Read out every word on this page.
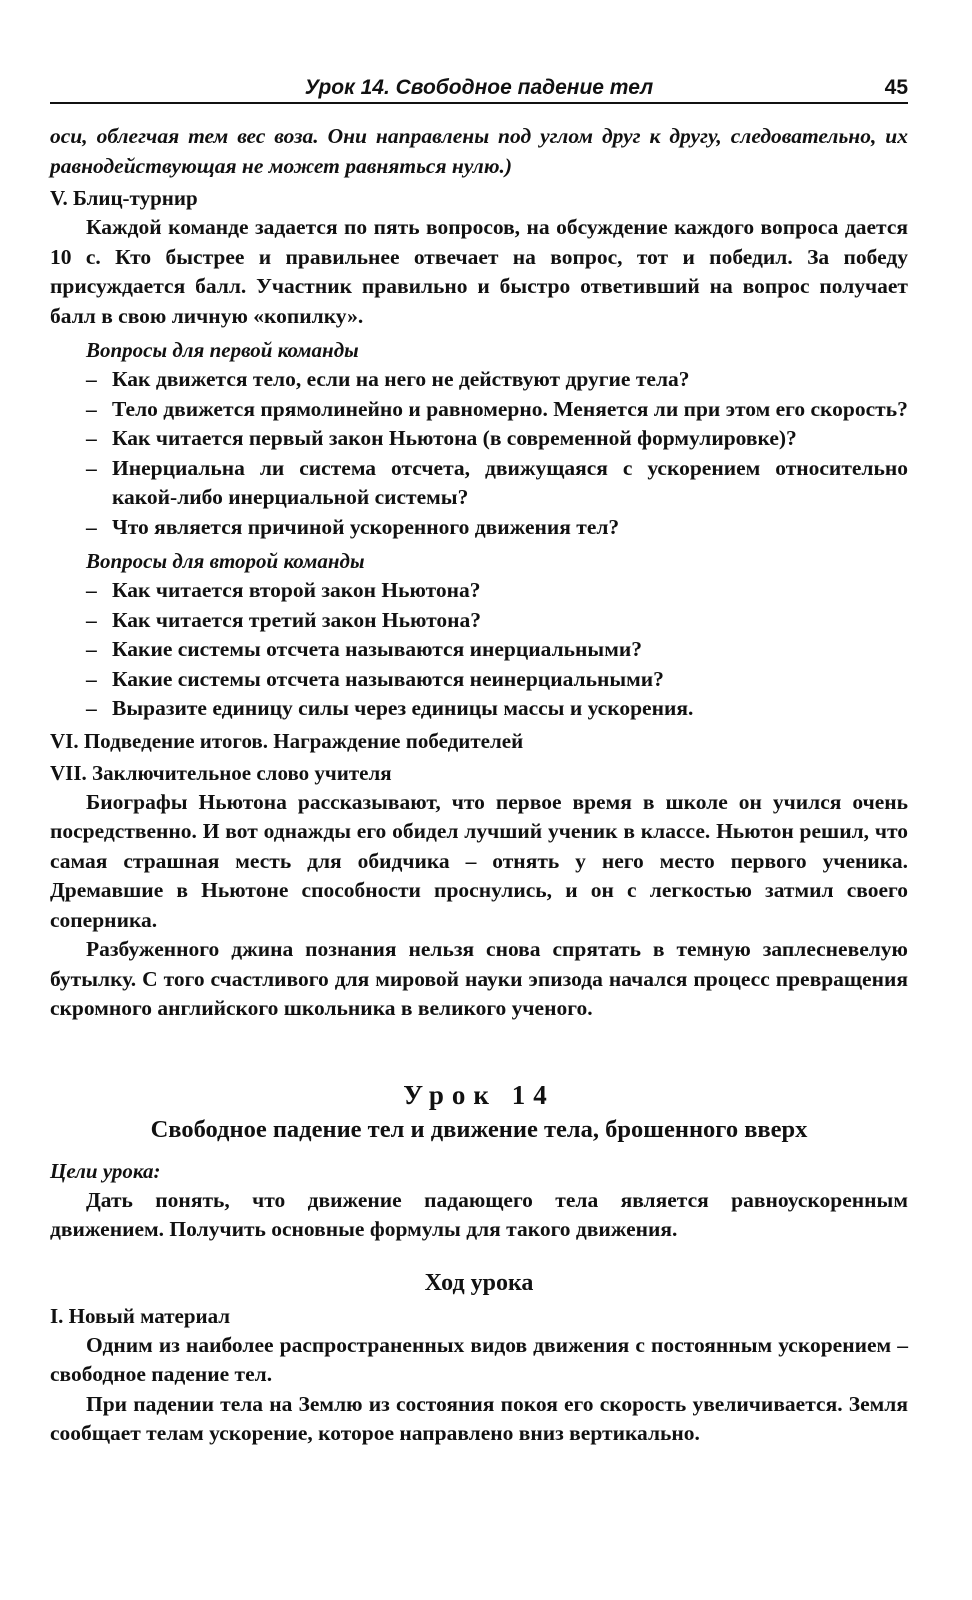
Урок 14. Свободное падение тел	45

оси, облегчая тем вес воза. Они направлены под углом друг к другу, следовательно, их равнодействующая не может равняться нулю.)

V. Блиц-турнир

Каждой команде задается по пять вопросов, на обсуждение каждого вопроса дается 10 с. Кто быстрее и правильнее отвечает на вопрос, тот и победил. За победу присуждается балл. Участник правильно и быстро ответивший на вопрос получает балл в свою личную «копилку».

Вопросы для первой команды
– Как движется тело, если на него не действуют другие тела?
– Тело движется прямолинейно и равномерно. Меняется ли при этом его скорость?
– Как читается первый закон Ньютона (в современной формулировке)?
– Инерциальна ли система отсчета, движущаяся с ускорением относительно какой-либо инерциальной системы?
– Что является причиной ускоренного движения тел?
Вопросы для второй команды
– Как читается второй закон Ньютона?
– Как читается третий закон Ньютона?
– Какие системы отсчета называются инерциальными?
– Какие системы отсчета называются неинерциальными?
– Выразите единицу силы через единицы массы и ускорения.
VI. Подведение итогов. Награждение победителей
VII. Заключительное слово учителя

Биографы Ньютона рассказывают, что первое время в школе он учился очень посредственно. И вот однажды его обидел лучший ученик в классе. Ньютон решил, что самая страшная месть для обидчика – отнять у него место первого ученика. Дремавшие в Ньютоне способности проснулись, и он с легкостью затмил своего соперника.

Разбуженного джина познания нельзя снова спрятать в темную заплесневелую бутылку. С того счастливого для мировой науки эпизода начался процесс превращения скромного английского школьника в великого ученого.

Урок 14
Свободное падение тел и движение тела, брошенного вверх
Цели урока:

Дать понять, что движение падающего тела является равноускоренным движением. Получить основные формулы для такого движения.

Ход урока
I. Новый материал

Одним из наиболее распространенных видов движения с постоянным ускорением – свободное падение тел.

При падении тела на Землю из состояния покоя его скорость увеличивается. Земля сообщает телам ускорение, которое направлено вниз вертикально.
